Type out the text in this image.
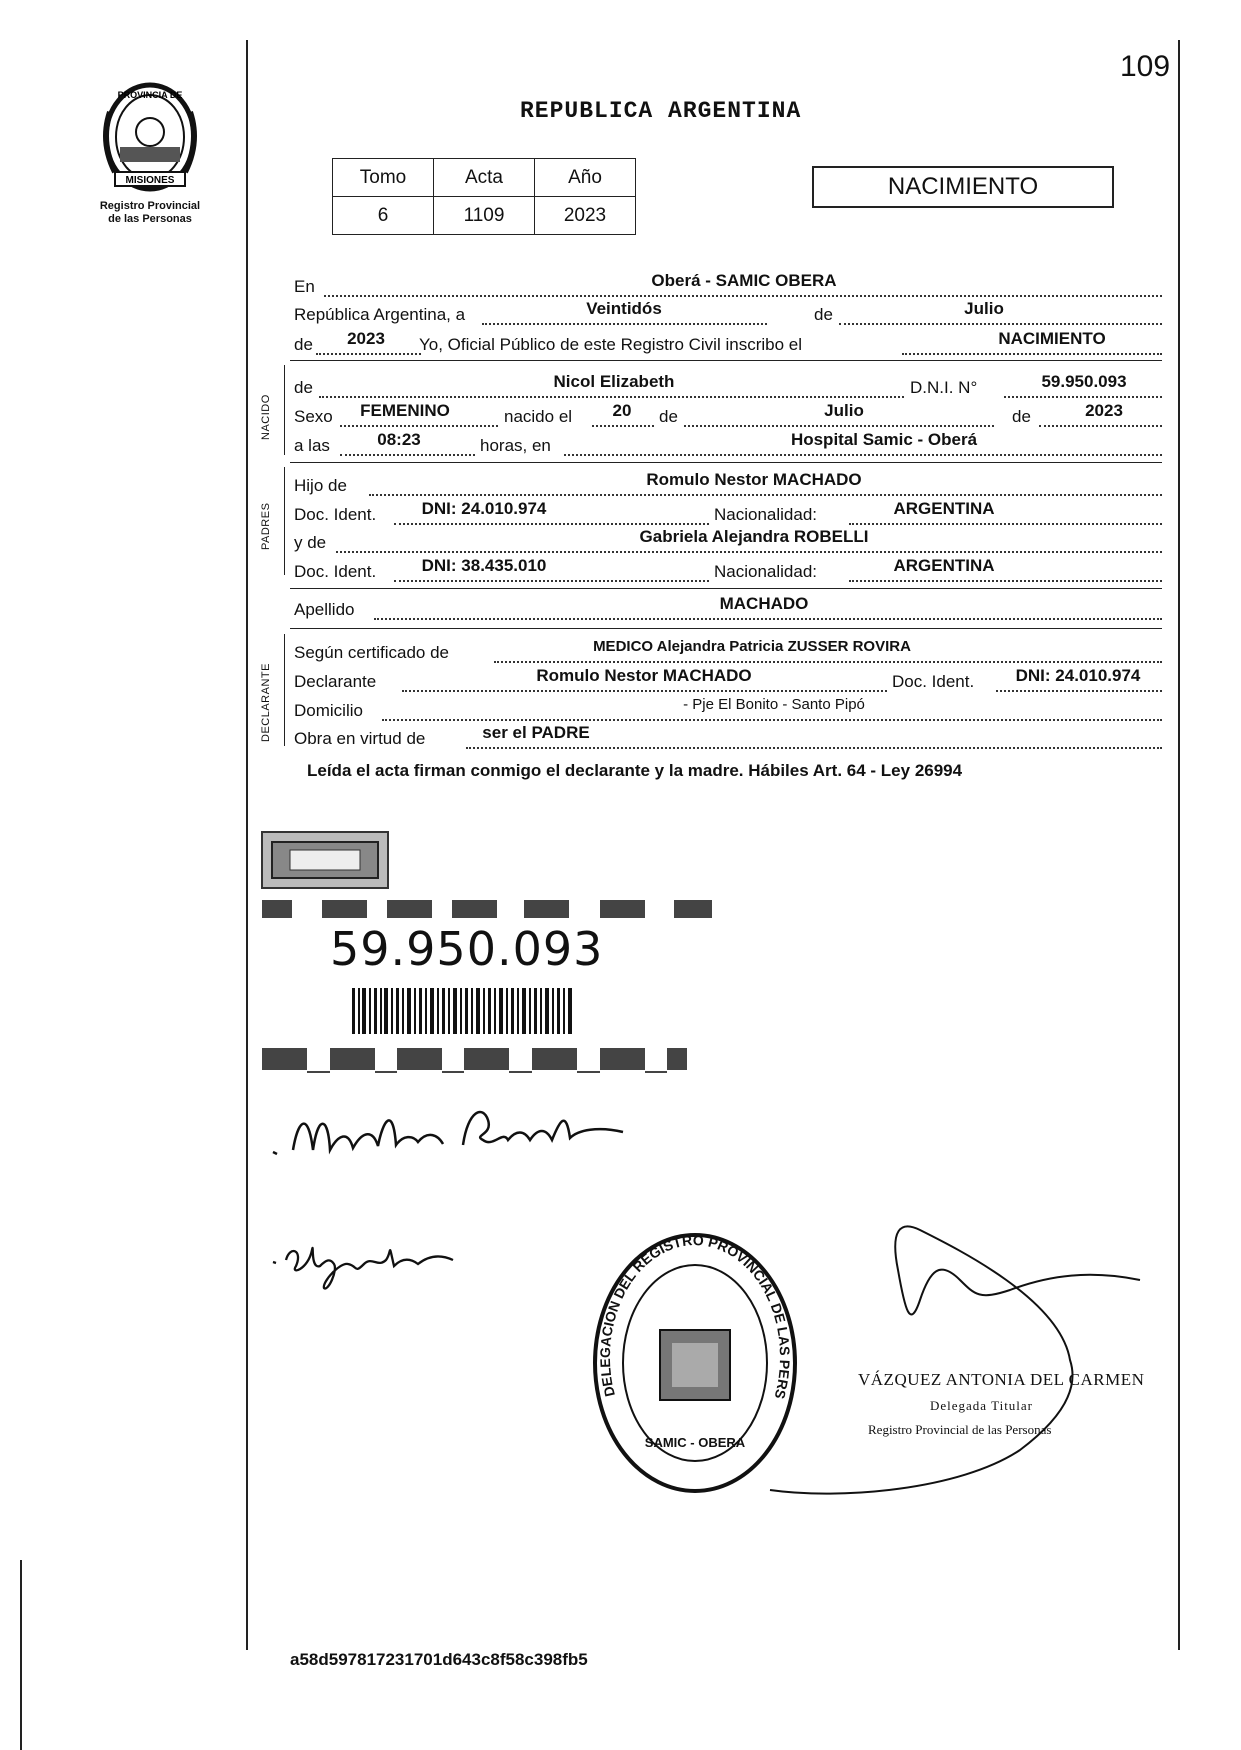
PROVINCIA DE
MISIONES
Registro Provincial
de las Personas
109
REPUBLICA ARGENTINA
Tomo	Acta	Año
6	1109	2023
NACIMIENTO
En	Oberá - SAMIC OBERA
República Argentina, a	Veintidós	de	Julio
de	2023	Yo, Oficial Público de este Registro Civil inscribo el	NACIMIENTO
NACIDO
de	Nicol Elizabeth	D.N.I. N°	59.950.093
Sexo	FEMENINO	nacido el	20	de	Julio	de	2023
a las	08:23	horas, en	Hospital Samic - Oberá
PADRES
Hijo de	Romulo Nestor MACHADO
Doc. Ident.	DNI: 24.010.974	Nacionalidad:	ARGENTINA
y de	Gabriela Alejandra ROBELLI
Doc. Ident.	DNI: 38.435.010	Nacionalidad:	ARGENTINA
Apellido	MACHADO
DECLARANTE
Según certificado de	MEDICO Alejandra Patricia ZUSSER ROVIRA
Declarante	Romulo Nestor MACHADO	Doc. Ident.	DNI: 24.010.974
Domicilio	- Pje El Bonito - Santo Pipó
Obra en virtud de	ser el PADRE
Leída el acta firman conmigo el declarante y la madre. Hábiles Art. 64 - Ley 26994
59.950.093
DELEGACION DEL REGISTRO PROVINCIAL DE LAS PERS
SAMIC - OBERA
VÁZQUEZ ANTONIA DEL CARMEN
Delegada Titular
Registro Provincial de las Personas
a58d597817231701d643c8f58c398fb5
